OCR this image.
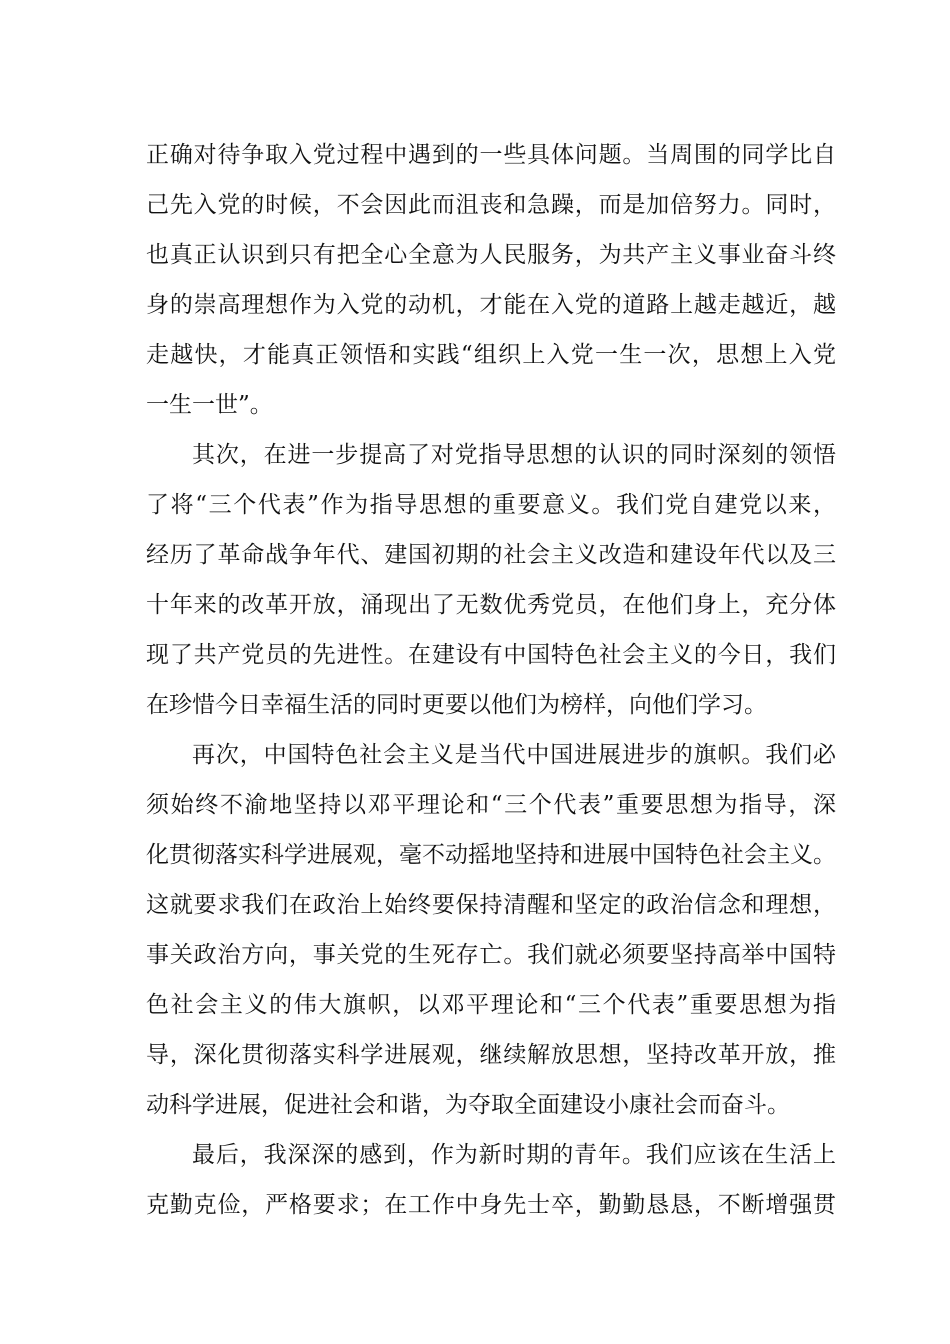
正确对待争取入党过程中遇到的一些具体问题。当周围的同学比自
己先入党的时候，不会因此而沮丧和急躁，而是加倍努力。同时，
也真正认识到只有把全心全意为人民服务，为共产主义事业奋斗终
身的崇高理想作为入党的动机，才能在入党的道路上越走越近，越
走越快，才能真正领悟和实践“组织上入党一生一次，思想上入党
一生一世”。
其次，在进一步提高了对党指导思想的认识的同时深刻的领悟
了将“三个代表”作为指导思想的重要意义。我们党自建党以来，
经历了革命战争年代、建国初期的社会主义改造和建设年代以及三
十年来的改革开放，涌现出了无数优秀党员，在他们身上，充分体
现了共产党员的先进性。在建设有中国特色社会主义的今日，我们
在珍惜今日幸福生活的同时更要以他们为榜样，向他们学习。
再次，中国特色社会主义是当代中国进展进步的旗帜。我们必
须始终不渝地坚持以邓平理论和“三个代表”重要思想为指导，深
化贯彻落实科学进展观，毫不动摇地坚持和进展中国特色社会主义。
这就要求我们在政治上始终要保持清醒和坚定的政治信念和理想，
事关政治方向，事关党的生死存亡。我们就必须要坚持高举中国特
色社会主义的伟大旗帜，以邓平理论和“三个代表”重要思想为指
导，深化贯彻落实科学进展观，继续解放思想，坚持改革开放，推
动科学进展，促进社会和谐，为夺取全面建设小康社会而奋斗。
最后，我深深的感到，作为新时期的青年。我们应该在生活上
克勤克俭，严格要求；在工作中身先士卒，勤勤恳恳，不断增强贯
